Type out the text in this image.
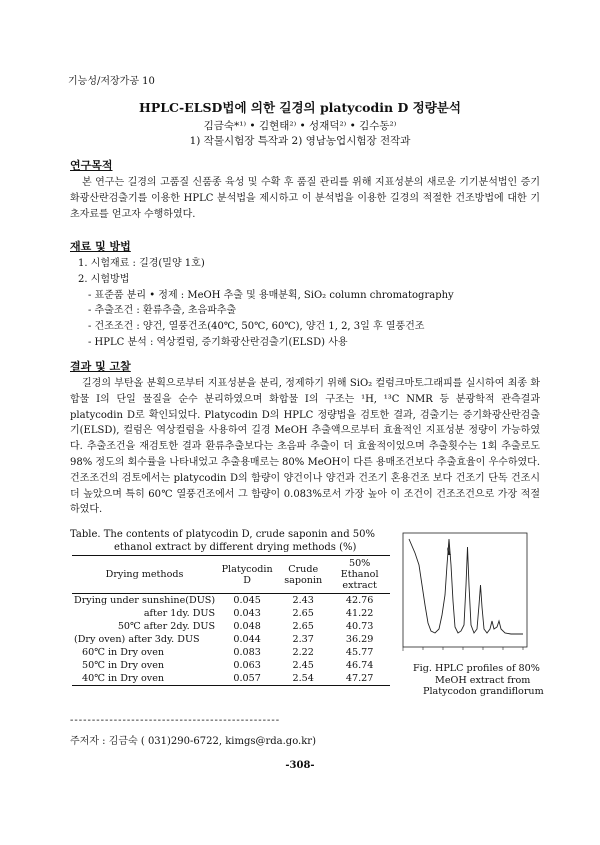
기능성/저장가공 10
HPLC-ELSD법에 의한 길경의 platycodin D 정량분석
김금숙*¹⁾ • 김현태²⁾ • 성재덕²⁾ • 김수동²⁾
1) 작물시험장 특작과 2) 영남농업시험장 전작과
연구목적

본 연구는 길경의 고품질 신품종 육성 및 수확 후 품질 관리를 위해 지표성분의 새로운 기기분석법인 증기화광산란검출기를 이용한 HPLC 분석법을 제시하고 이 분석법을 이용한 길경의 적절한 건조방법에 대한 기초자료를 얻고자 수행하였다.

재료 및 방법
1. 시험재료 : 길경(밀양 1호)
2. 시험방법
- 표준품 분리 • 정제 : MeOH 추출 및 용매분획, SiO₂ column chromatography
- 추출조건 : 환류추출, 초음파추출
- 건조조건 : 양건, 열풍건조(40℃, 50℃, 60℃), 양건 1, 2, 3일 후 열풍건조
- HPLC 분석 : 역상컬럼, 증기화광산란검출기(ELSD) 사용
결과 및 고찰

길경의 부탄올 분획으로부터 지표성분을 분리, 정제하기 위해 SiO₂ 컬럼크마토그래피를 실시하여 최종 화합물 I의 단일 물질을 순수 분리하였으며 화합물 I의 구조는 ¹H, ¹³C NMR 등 분광학적 관측결과 platycodin D로 확인되었다. Platycodin D의 HPLC 정량법을 검토한 결과, 검출기는 증기화광산란검출기(ELSD), 컬럼은 역상컬럼을 사용하여 길경 MeOH 추출액으로부터 효율적인 지표성분 정량이 가능하였다. 추출조건을 재검토한 결과 환류추출보다는 초음파 추출이 더 효율적이었으며 추출횟수는 1회 추출로도 98% 정도의 회수률을 나타내었고 추출용매로는 80% MeOH이 다른 용매조건보다 추출효율이 우수하였다. 건조조건의 검토에서는 platycodin D의 함량이 양건이나 양건과 건조기 혼용건조 보다 건조기 단독 건조시 더 높았으며 특히 60℃ 열풍건조에서 그 함량이 0.083%로서 가장 높아 이 조건이 건조조건으로 가장 적절하였다.

Table. The contents of platycodin D, crude saponin and 50%
ethanol extract by different drying methods (%)
Drying methods	Platycodin D	Crude saponin	50% Ethanol extract
Drying under sunshine(DUS)	0.045	2.43	42.76
after 1dy. DUS	0.043	2.65	41.22
50℃ after 2dy. DUS	0.048	2.65	40.73
(Dry oven) after 3dy. DUS	0.044	2.37	36.29
60℃ in Dry oven	0.083	2.22	45.77
50℃ in Dry oven	0.063	2.45	46.74
40℃ in Dry oven	0.057	2.54	47.27
Fig. HPLC profiles of 80%
MeOH extract from
Platycodon grandiflorum
------------------------------------------------
주저자 : 김금숙 ( 031)290-6722, kimgs@rda.go.kr)
-308-
